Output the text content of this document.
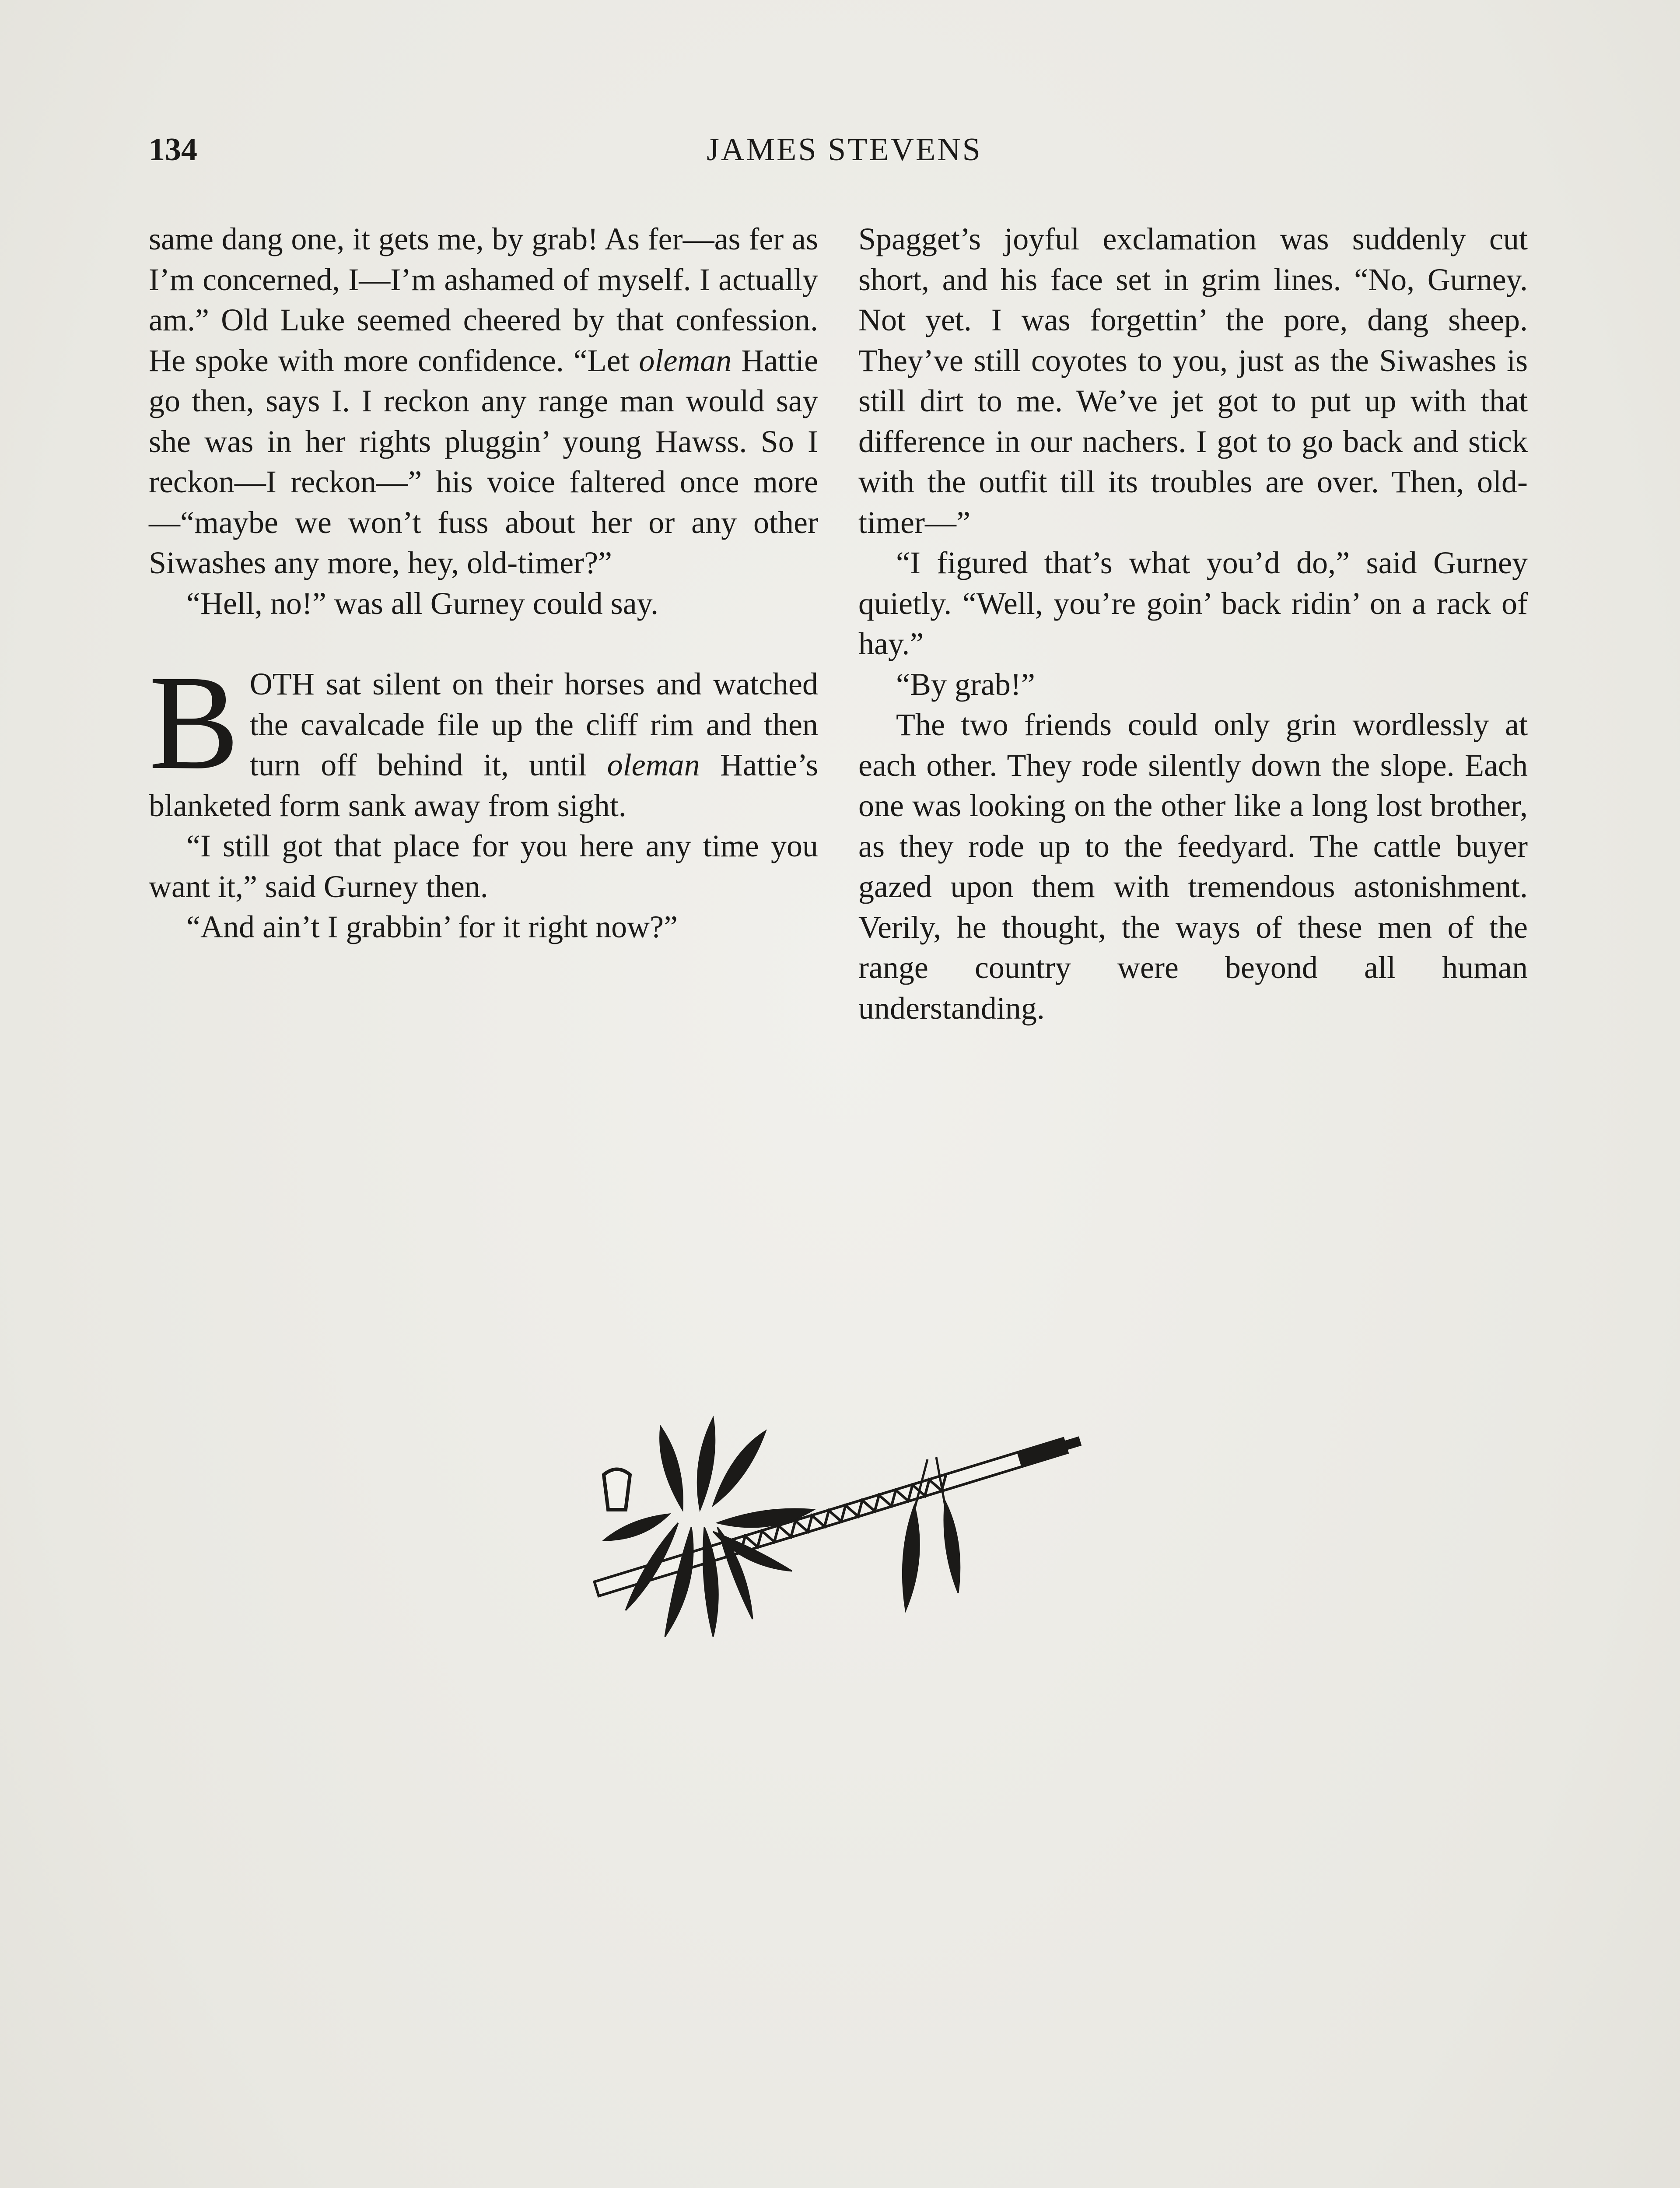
134	JAMES STEVENS

same dang one, it gets me, by grab! As fer—as fer as I’m concerned, I—I’m ashamed of myself. I actually am.” Old Luke seemed cheered by that confession. He spoke with more confidence. “Let oleman Hattie go then, says I. I reckon any range man would say she was in her rights pluggin’ young Hawss. So I reckon—I reckon—” his voice faltered once more—“maybe we won’t fuss about her or any other Siwashes any more, hey, old-timer?”

“Hell, no!” was all Gurney could say.

BOTH sat silent on their horses and watched the cavalcade file up the cliff rim and then turn off behind it, until oleman Hattie’s blanketed form sank away from sight.

“I still got that place for you here any time you want it,” said Gurney then.

“And ain’t I grabbin’ for it right now?”

Spagget’s joyful exclamation was suddenly cut short, and his face set in grim lines. “No, Gurney. Not yet. I was forgettin’ the pore, dang sheep. They’ve still coyotes to you, just as the Siwashes is still dirt to me. We’ve jet got to put up with that difference in our nachers. I got to go back and stick with the outfit till its troubles are over. Then, old-timer—”

“I figured that’s what you’d do,” said Gurney quietly. “Well, you’re goin’ back ridin’ on a rack of hay.”

“By grab!”

The two friends could only grin wordlessly at each other. They rode silently down the slope. Each one was looking on the other like a long lost brother, as they rode up to the feedyard. The cattle buyer gazed upon them with tremendous astonishment. Verily, he thought, the ways of these men of the range country were beyond all human understanding.
